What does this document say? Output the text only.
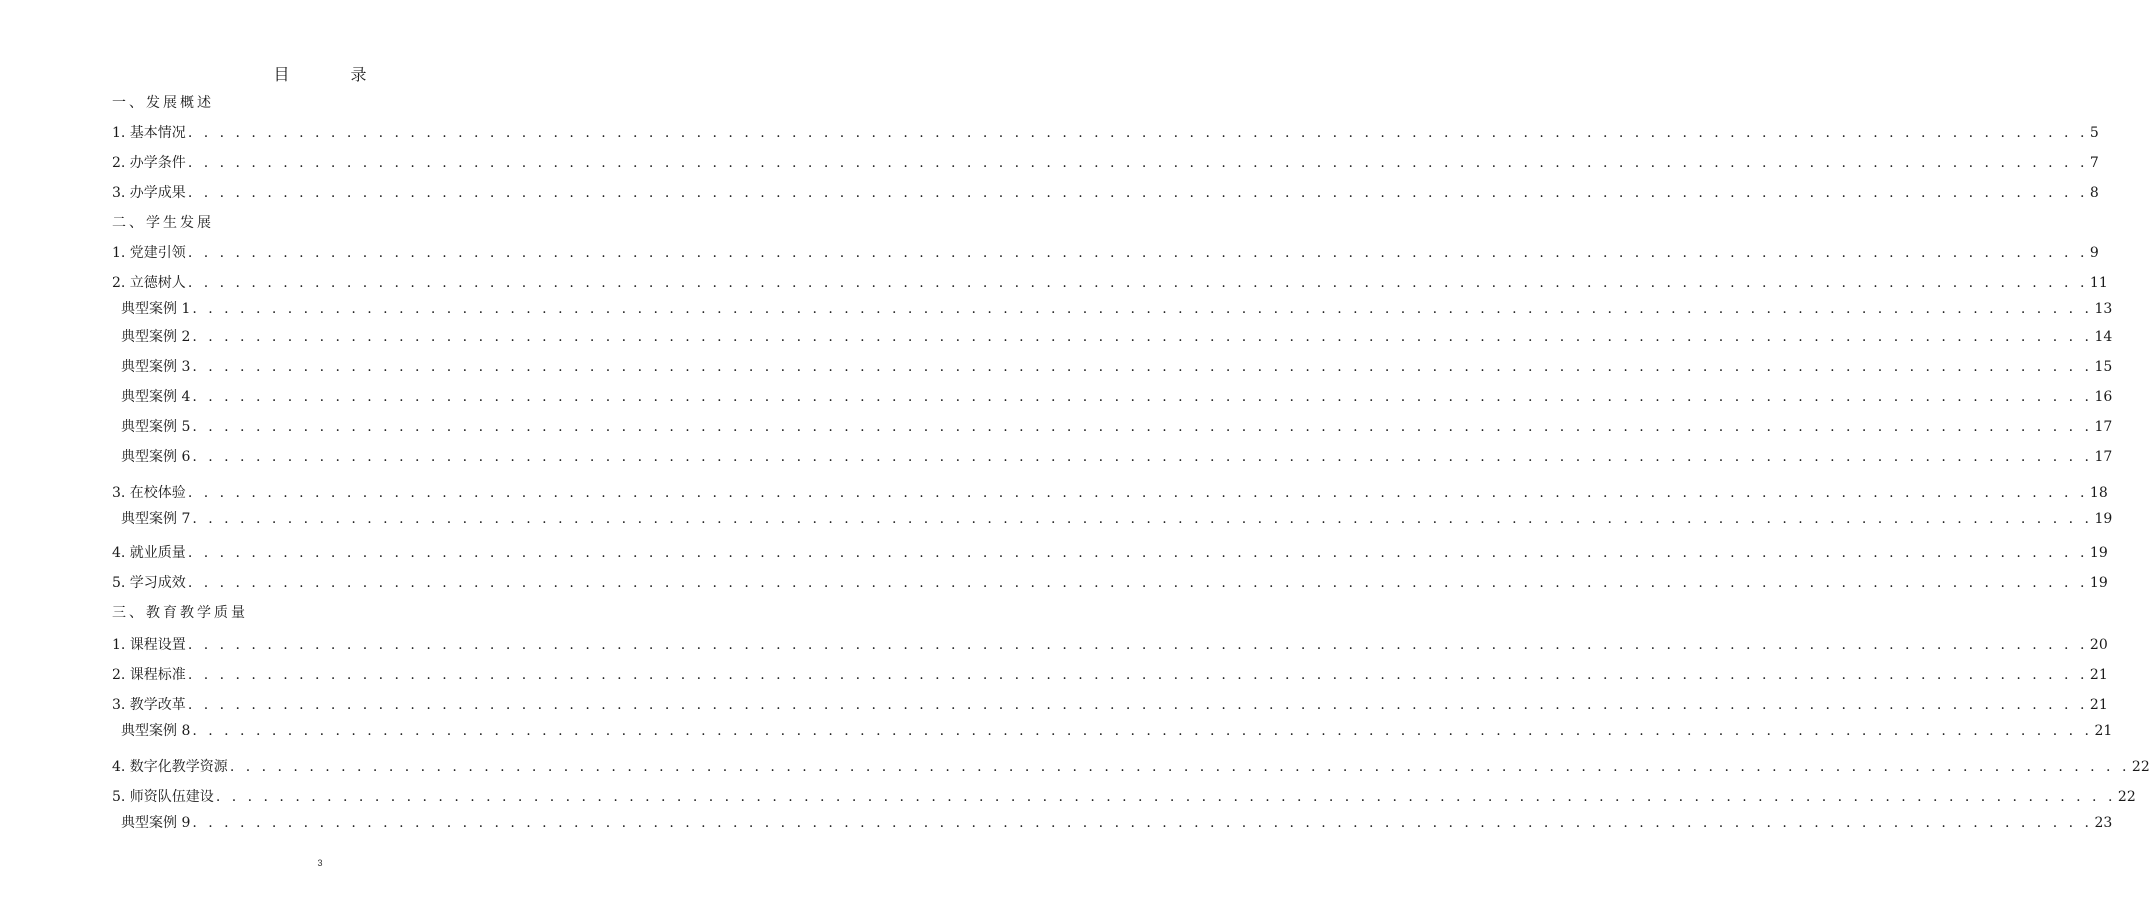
目 录
一、发展概述
1. 基本情况 . . . . . . . . . . . . . . . . . . . . . . . . . . . . . . . . . . . . . . . . . . . . . . . . . . . . . . . . . . . . . . . . . . . . . . . . . . . . . . . . . . . . . . . . . . . . . . . . . . . . . . . . . . . . . . . . . . . . . . . . 5
2. 办学条件 . . . . . . . . . . . . . . . . . . . . . . . . . . . . . . . . . . . . . . . . . . . . . . . . . . . . . . . . . . . . . . . . . . . . . . . . . . . . . . . . . . . . . . . . . . . . . . . . . . . . . . . . . . . . . . . . . . . . . . . . 7
3. 办学成果 . . . . . . . . . . . . . . . . . . . . . . . . . . . . . . . . . . . . . . . . . . . . . . . . . . . . . . . . . . . . . . . . . . . . . . . . . . . . . . . . . . . . . . . . . . . . . . . . . . . . . . . . . . . . . . . . . . . . . . . . 8
二、学生发展
1. 党建引领 . . . . . . . . . . . . . . . . . . . . . . . . . . . . . . . . . . . . . . . . . . . . . . . . . . . . . . . . . . . . . . . . . . . . . . . . . . . . . . . . . . . . . . . . . . . . . . . . . . . . . . . . . . . . . . . . . . . . . . . . 9
2. 立德树人 . . . . . . . . . . . . . . . . . . . . . . . . . . . . . . . . . . . . . . . . . . . . . . . . . . . . . . . . . . . . . . . . . . . . . . . . . . . . . . . . . . . . . . . . . . . . . . . . . . . . . . . . . . . . . . . . . . . . . . . . 11
典型案例 1 . . . . . . . . . . . . . . . . . . . . . . . . . . . . . . . . . . . . . . . . . . . . . . . . . . . . . . . . . . . . . . . . . . . . . . . . . . . . . . . . . . . . . . . . . . . . . . . . . . . . . . . . . . . . . . . . . . . . . . . . 13
典型案例 2 . . . . . . . . . . . . . . . . . . . . . . . . . . . . . . . . . . . . . . . . . . . . . . . . . . . . . . . . . . . . . . . . . . . . . . . . . . . . . . . . . . . . . . . . . . . . . . . . . . . . . . . . . . . . . . . . . . . . . . . . 14
典型案例 3 . . . . . . . . . . . . . . . . . . . . . . . . . . . . . . . . . . . . . . . . . . . . . . . . . . . . . . . . . . . . . . . . . . . . . . . . . . . . . . . . . . . . . . . . . . . . . . . . . . . . . . . . . . . . . . . . . . . . . . . . 15
典型案例 4 . . . . . . . . . . . . . . . . . . . . . . . . . . . . . . . . . . . . . . . . . . . . . . . . . . . . . . . . . . . . . . . . . . . . . . . . . . . . . . . . . . . . . . . . . . . . . . . . . . . . . . . . . . . . . . . . . . . . . . . . 16
典型案例 5 . . . . . . . . . . . . . . . . . . . . . . . . . . . . . . . . . . . . . . . . . . . . . . . . . . . . . . . . . . . . . . . . . . . . . . . . . . . . . . . . . . . . . . . . . . . . . . . . . . . . . . . . . . . . . . . . . . . . . . . . 17
典型案例 6 . . . . . . . . . . . . . . . . . . . . . . . . . . . . . . . . . . . . . . . . . . . . . . . . . . . . . . . . . . . . . . . . . . . . . . . . . . . . . . . . . . . . . . . . . . . . . . . . . . . . . . . . . . . . . . . . . . . . . . . . 17
3. 在校体验 . . . . . . . . . . . . . . . . . . . . . . . . . . . . . . . . . . . . . . . . . . . . . . . . . . . . . . . . . . . . . . . . . . . . . . . . . . . . . . . . . . . . . . . . . . . . . . . . . . . . . . . . . . . . . . . . . . . . . . . . 18
典型案例 7 . . . . . . . . . . . . . . . . . . . . . . . . . . . . . . . . . . . . . . . . . . . . . . . . . . . . . . . . . . . . . . . . . . . . . . . . . . . . . . . . . . . . . . . . . . . . . . . . . . . . . . . . . . . . . . . . . . . . . . . . 19
4. 就业质量 . . . . . . . . . . . . . . . . . . . . . . . . . . . . . . . . . . . . . . . . . . . . . . . . . . . . . . . . . . . . . . . . . . . . . . . . . . . . . . . . . . . . . . . . . . . . . . . . . . . . . . . . . . . . . . . . . . . . . . . . 19
5. 学习成效 . . . . . . . . . . . . . . . . . . . . . . . . . . . . . . . . . . . . . . . . . . . . . . . . . . . . . . . . . . . . . . . . . . . . . . . . . . . . . . . . . . . . . . . . . . . . . . . . . . . . . . . . . . . . . . . . . . . . . . . . 19
三、教育教学质量
1. 课程设置 . . . . . . . . . . . . . . . . . . . . . . . . . . . . . . . . . . . . . . . . . . . . . . . . . . . . . . . . . . . . . . . . . . . . . . . . . . . . . . . . . . . . . . . . . . . . . . . . . . . . . . . . . . . . . . . . . . . . . . . . 20
2. 课程标准 . . . . . . . . . . . . . . . . . . . . . . . . . . . . . . . . . . . . . . . . . . . . . . . . . . . . . . . . . . . . . . . . . . . . . . . . . . . . . . . . . . . . . . . . . . . . . . . . . . . . . . . . . . . . . . . . . . . . . . . . 21
3. 教学改革 . . . . . . . . . . . . . . . . . . . . . . . . . . . . . . . . . . . . . . . . . . . . . . . . . . . . . . . . . . . . . . . . . . . . . . . . . . . . . . . . . . . . . . . . . . . . . . . . . . . . . . . . . . . . . . . . . . . . . . . . 21
典型案例 8 . . . . . . . . . . . . . . . . . . . . . . . . . . . . . . . . . . . . . . . . . . . . . . . . . . . . . . . . . . . . . . . . . . . . . . . . . . . . . . . . . . . . . . . . . . . . . . . . . . . . . . . . . . . . . . . . . . . . . . . . 21
4. 数字化教学资源 . . . . . . . . . . . . . . . . . . . . . . . . . . . . . . . . . . . . . . . . . . . . . . . . . . . . . . . . . . . . . . . . . . . . . . . . . . . . . . . . . . . . . . . . . . . . . . . . . . . . . . . . . . . . . . . . . . . . . . . . 22
5. 师资队伍建设 . . . . . . . . . . . . . . . . . . . . . . . . . . . . . . . . . . . . . . . . . . . . . . . . . . . . . . . . . . . . . . . . . . . . . . . . . . . . . . . . . . . . . . . . . . . . . . . . . . . . . . . . . . . . . . . . . . . . . . . . 22
典型案例 9 . . . . . . . . . . . . . . . . . . . . . . . . . . . . . . . . . . . . . . . . . . . . . . . . . . . . . . . . . . . . . . . . . . . . . . . . . . . . . . . . . . . . . . . . . . . . . . . . . . . . . . . . . . . . . . . . . . . . . . . . 23
3
